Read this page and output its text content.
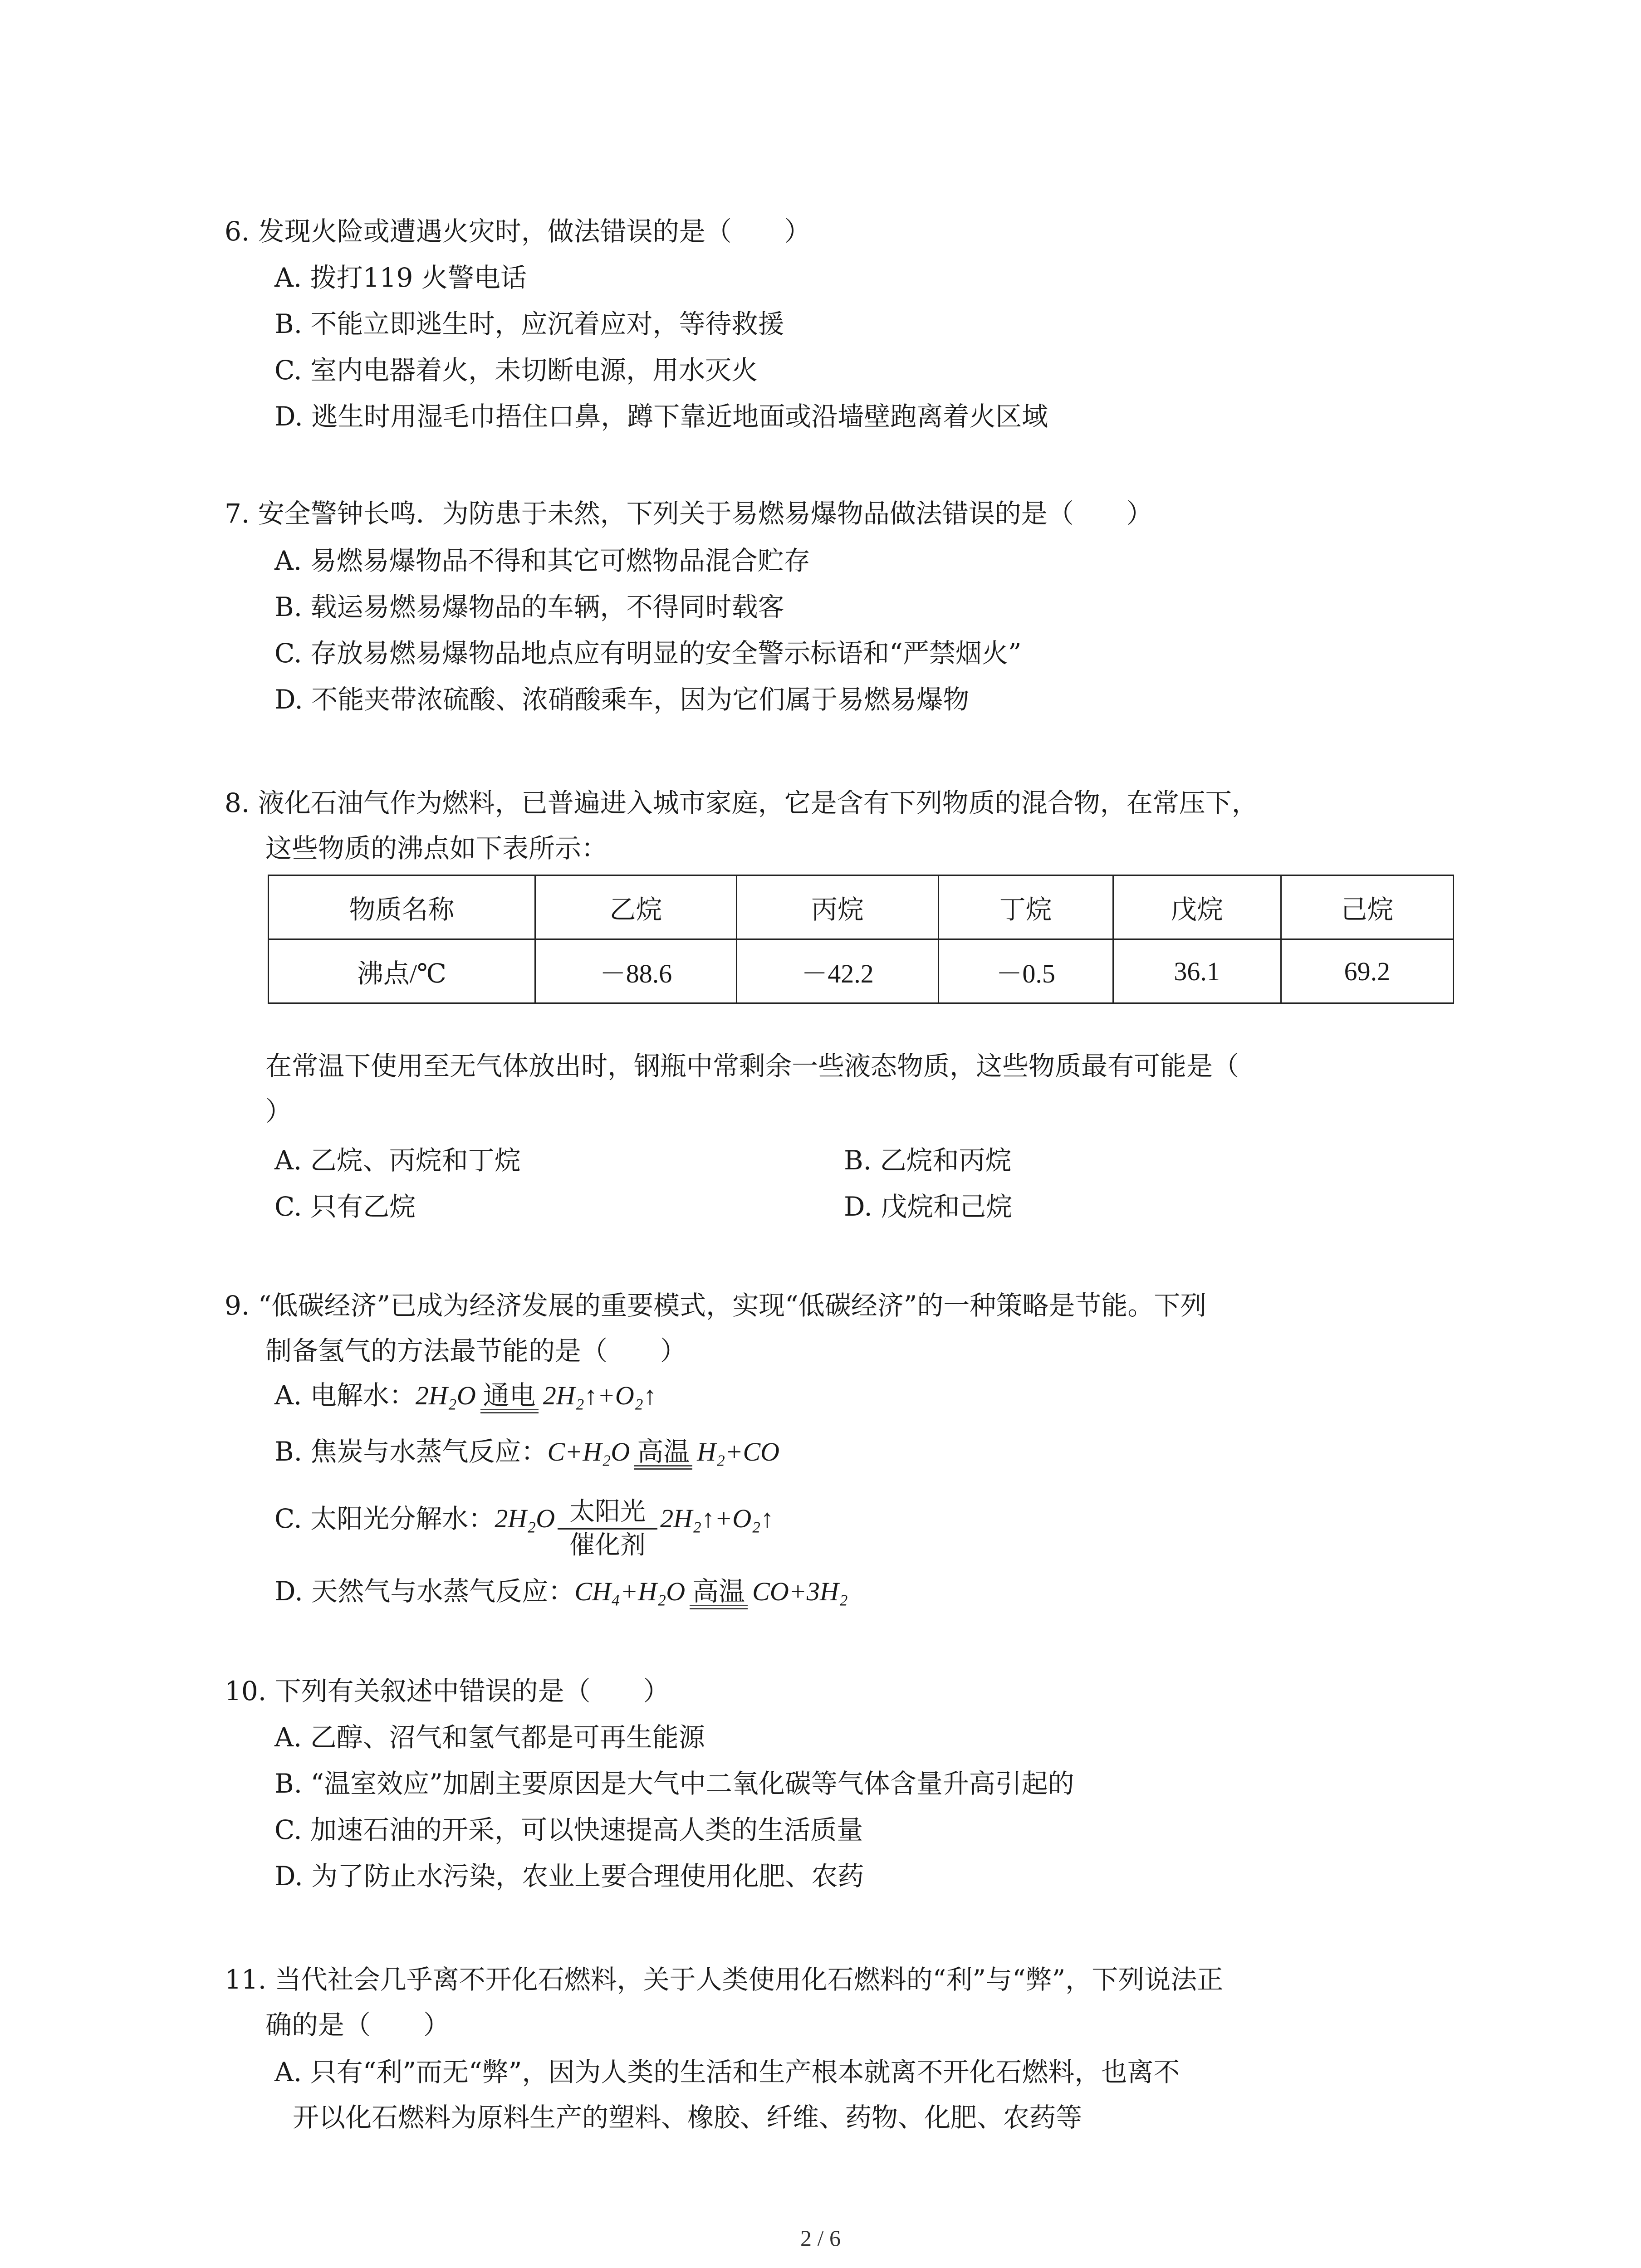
6. 发现火险或遭遇火灾时，做法错误的是（　　）
A. 拨打119 火警电话
B. 不能立即逃生时，应沉着应对，等待救援
C. 室内电器着火，未切断电源，用水灭火
D. 逃生时用湿毛巾捂住口鼻，蹲下靠近地面或沿墙壁跑离着火区域
7. 安全警钟长鸣．为防患于未然，下列关于易燃易爆物品做法错误的是（　　）
A. 易燃易爆物品不得和其它可燃物品混合贮存
B. 载运易燃易爆物品的车辆，不得同时载客
C. 存放易燃易爆物品地点应有明显的安全警示标语和“严禁烟火”
D. 不能夹带浓硫酸、浓硝酸乘车，因为它们属于易燃易爆物
8. 液化石油气作为燃料，已普遍进入城市家庭，它是含有下列物质的混合物，在常压下，
这些物质的沸点如下表所示：
物质名称	乙烷	丙烷	丁烷	戊烷	己烷
沸点/℃	－88.6	－42.2	－0.5	36.1	69.2
在常温下使用至无气体放出时，钢瓶中常剩余一些液态物质，这些物质最有可能是（
）
A. 乙烷、丙烷和丁烷	B. 乙烷和丙烷
C. 只有乙烷	D. 戊烷和己烷
9. “低碳经济”已成为经济发展的重要模式，实现“低碳经济”的一种策略是节能。下列
制备氢气的方法最节能的是（　　）
A. 电解水：2H₂O 通电 2H₂↑+O₂↑
B. 焦炭与水蒸气反应：C+H₂O 高温 H₂+CO
C. 太阳光分解水：2H₂O 太阳光
催化剂
2H₂↑+O₂↑
D. 天然气与水蒸气反应：CH₄+H₂O 高温 CO+3H₂
10. 下列有关叙述中错误的是（　　）
A. 乙醇、沼气和氢气都是可再生能源
B. “温室效应”加剧主要原因是大气中二氧化碳等气体含量升高引起的
C. 加速石油的开采，可以快速提高人类的生活质量
D. 为了防止水污染，农业上要合理使用化肥、农药
11. 当代社会几乎离不开化石燃料，关于人类使用化石燃料的“利”与“弊”，下列说法正
确的是（　　）
A. 只有“利”而无“弊”，因为人类的生活和生产根本就离不开化石燃料，也离不
开以化石燃料为原料生产的塑料、橡胶、纤维、药物、化肥、农药等
2 / 6
